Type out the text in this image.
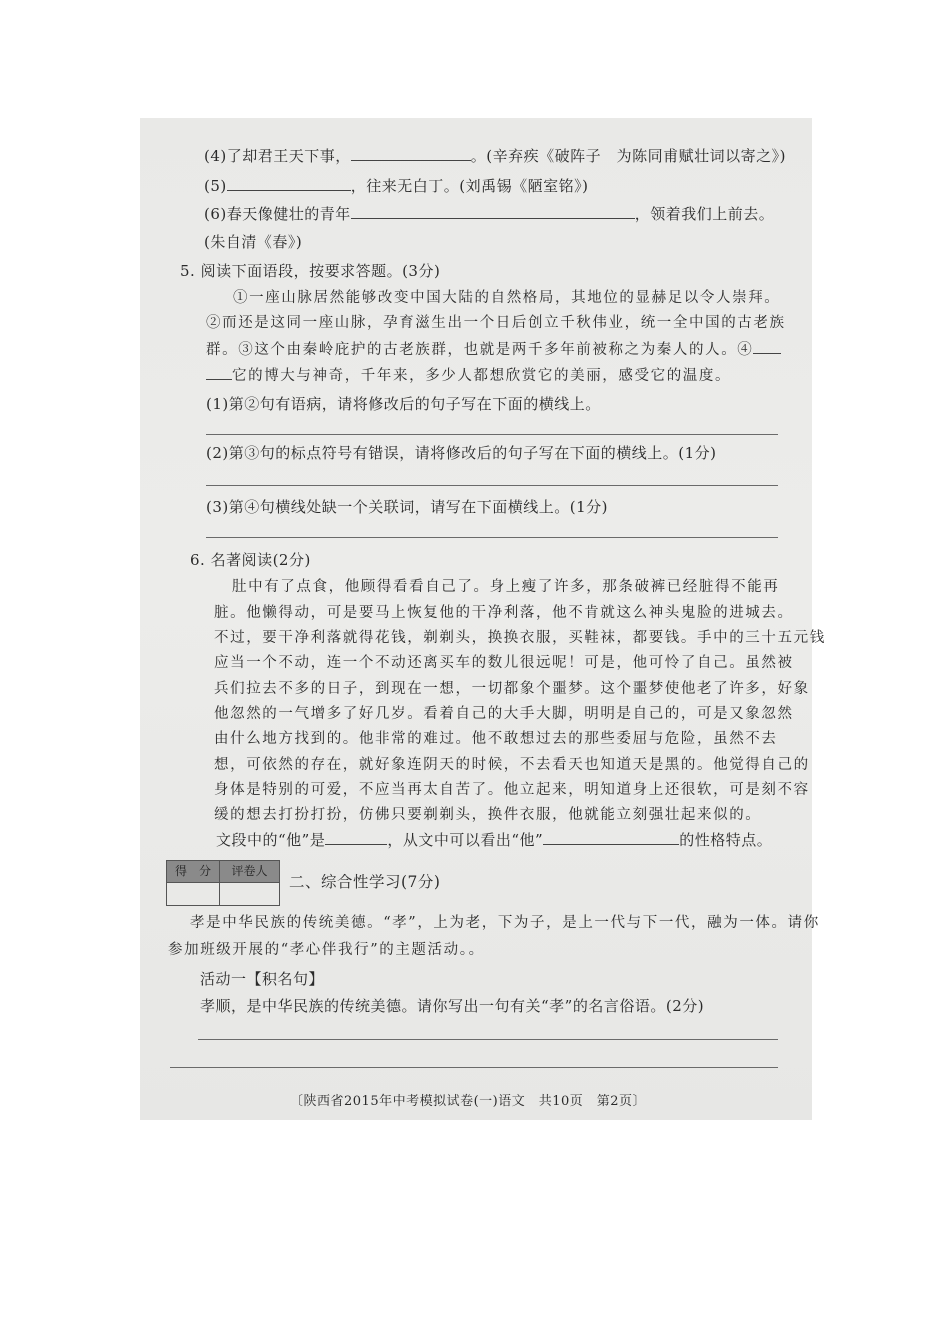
(4)了却君王天下事，	。(辛弃疾《破阵子　为陈同甫赋壮词以寄之》)
(5)	，往来无白丁。(刘禹锡《陋室铭》)
(6)春天像健壮的青年	，领着我们上前去。
(朱自清《春》)
5. 阅读下面语段，按要求答题。(3分)
①一座山脉居然能够改变中国大陆的自然格局，其地位的显赫足以令人崇拜。
②而还是这同一座山脉，孕育滋生出一个日后创立千秋伟业，统一全中国的古老族
群。③这个由秦岭庇护的古老族群，也就是两千多年前被称之为秦人的人。④
它的博大与神奇，千年来，多少人都想欣赏它的美丽，感受它的温度。
(1)第②句有语病，请将修改后的句子写在下面的横线上。
(2)第③句的标点符号有错误，请将修改后的句子写在下面的横线上。(1分)
(3)第④句横线处缺一个关联词，请写在下面横线上。(1分)
6. 名著阅读(2分)
肚中有了点食，他顾得看看自己了。身上瘦了许多，那条破裤已经脏得不能再
脏。他懒得动，可是要马上恢复他的干净利落，他不肯就这么神头鬼脸的进城去。
不过，要干净利落就得花钱，剃剃头，换换衣服，买鞋袜，都要钱。手中的三十五元钱
应当一个不动，连一个不动还离买车的数儿很远呢！可是，他可怜了自己。虽然被
兵们拉去不多的日子，到现在一想，一切都象个噩梦。这个噩梦使他老了许多，好象
他忽然的一气增多了好几岁。看着自己的大手大脚，明明是自己的，可是又象忽然
由什么地方找到的。他非常的难过。他不敢想过去的那些委屈与危险，虽然不去
想，可依然的存在，就好象连阴天的时候，不去看天也知道天是黑的。他觉得自己的
身体是特别的可爱，不应当再太自苦了。他立起来，明知道身上还很软，可是刻不容
缓的想去打扮打扮，仿佛只要剃剃头，换件衣服，他就能立刻强壮起来似的。
文段中的“他”是	，从文中可以看出“他”	的性格特点。
得　分	评卷人
二、综合性学习(7分)
孝是中华民族的传统美德。“孝”，上为老，下为子，是上一代与下一代，融为一体。请你
参加班级开展的“孝心伴我行”的主题活动。。
活动一【积名句】
孝顺，是中华民族的传统美德。请你写出一句有关“孝”的名言俗语。(2分)
〔陕西省2015年中考模拟试卷(一)语文　共10页　第2页〕
